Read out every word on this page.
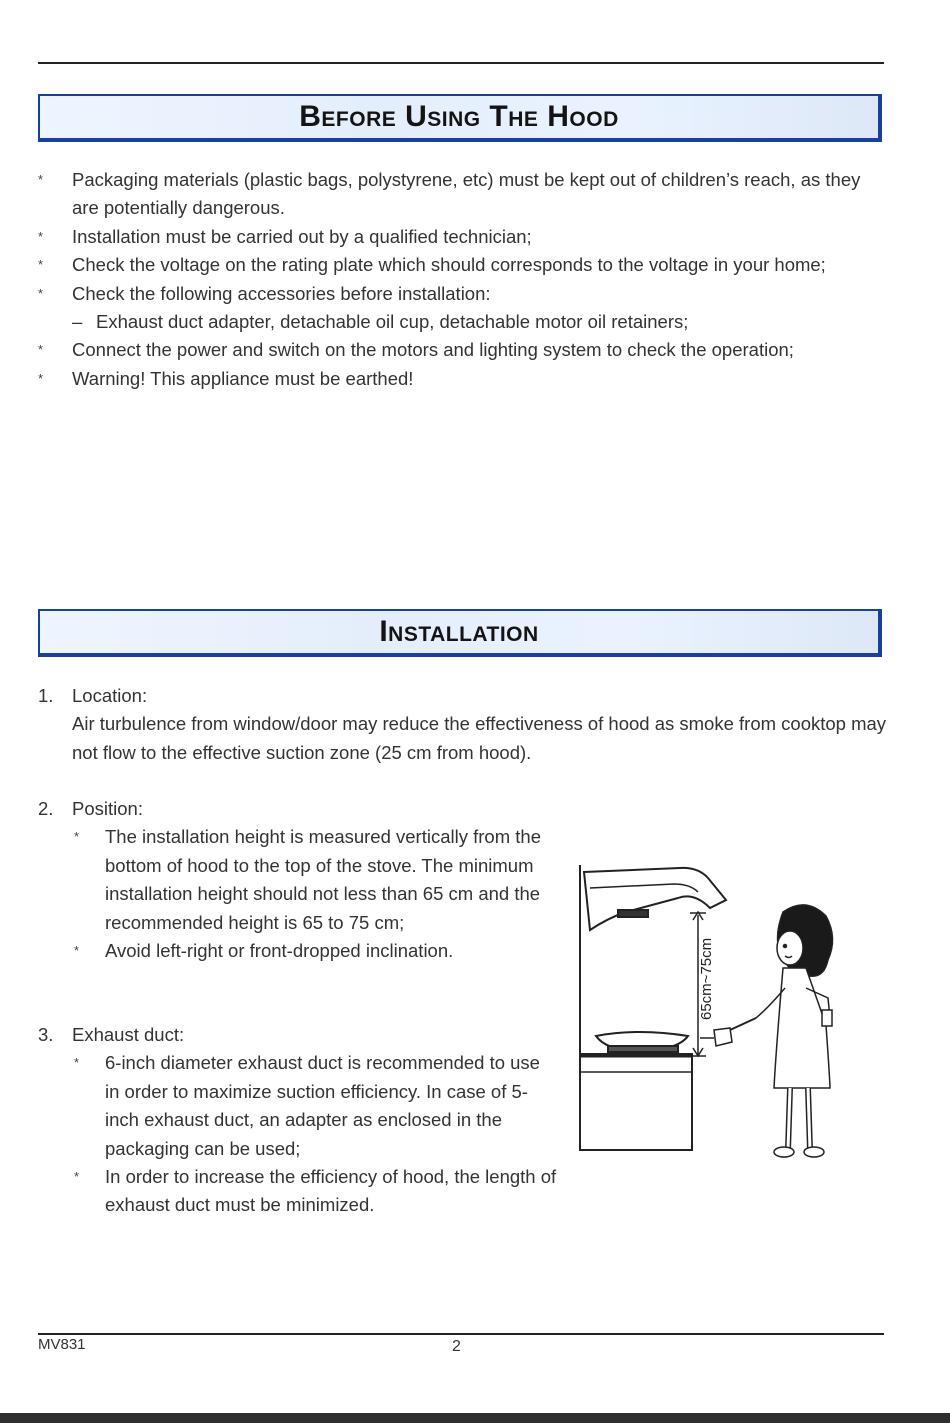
Before Using The Hood
* Packaging materials (plastic bags, polystyrene, etc) must be kept out of children’s reach, as they are potentially dangerous.
* Installation must be carried out by a qualified technician;
* Check the voltage on the rating plate which should corresponds to the voltage in your home;
* Check the following accessories before installation:
– Exhaust duct adapter, detachable oil cup, detachable motor oil retainers;
* Connect the power and switch on the motors and lighting system to check the operation;
* Warning! This appliance must be earthed!
Installation
1. Location:
Air turbulence from window/door may reduce the effectiveness of hood as smoke from cooktop may not flow to the effective suction zone (25 cm from hood).
2. Position:
* The installation height is measured vertically from the bottom of hood to the top of the stove. The minimum installation height should not less than 65 cm and the recommended height is 65 to 75 cm;
* Avoid left-right or front-dropped inclination.
3. Exhaust duct:
* 6-inch diameter exhaust duct is recommended to use in order to maximize suction efficiency. In case of 5-inch exhaust duct, an adapter as enclosed in the packaging can be used;
* In order to increase the efficiency of hood, the length of exhaust duct must be minimized.
65cm~75cm
MV831	2
